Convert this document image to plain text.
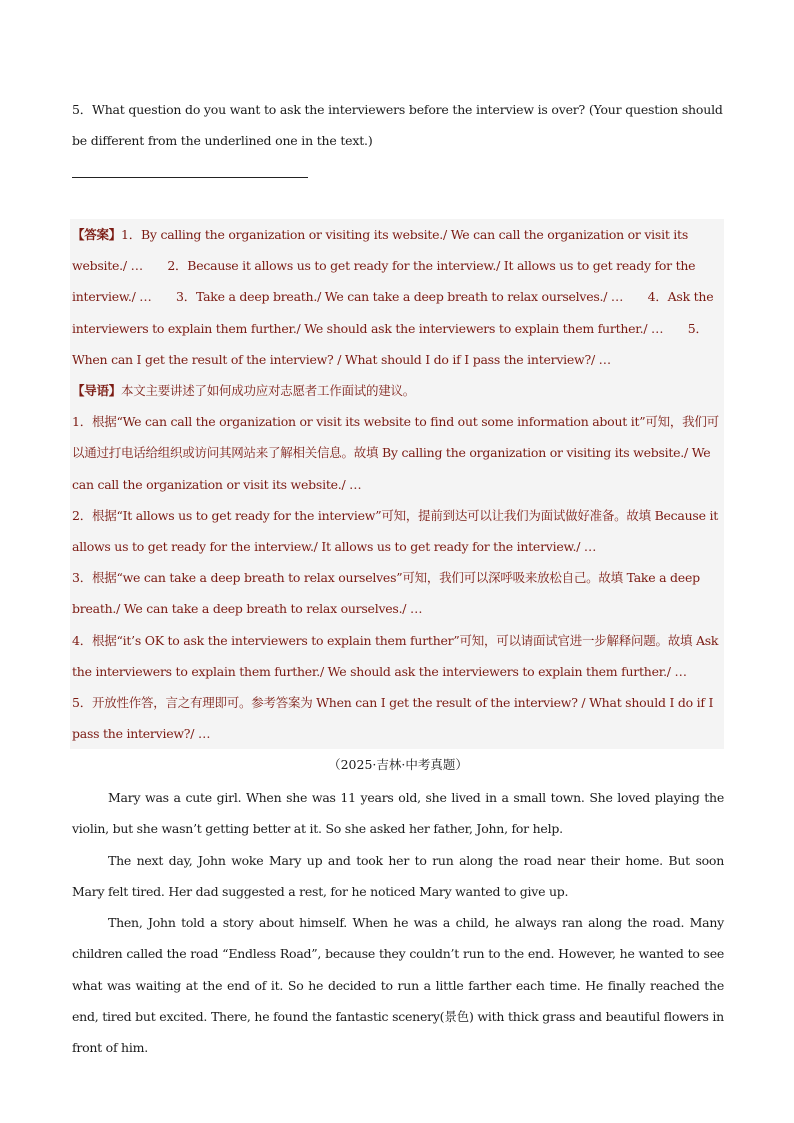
5．What question do you want to ask the interviewers before the interview is over? (Your question should be different from the underlined one in the text.)

【答案】1．By calling the organization or visiting its website./ We can call the organization or visit its website./ …　　2．Because it allows us to get ready for the interview./ It allows us to get ready for the interview./ …　　3．Take a deep breath./ We can take a deep breath to relax ourselves./ …　　4．Ask the interviewers to explain them further./ We should ask the interviewers to explain them further./ …　　5．When can I get the result of the interview? / What should I do if I pass the interview?/ …

【导语】本文主要讲述了如何成功应对志愿者工作面试的建议。

1．根据“We can call the organization or visit its website to find out some information about it”可知，我们可以通过打电话给组织或访问其网站来了解相关信息。故填 By calling the organization or visiting its website./ We can call the organization or visit its website./ …

2．根据“It allows us to get ready for the interview”可知，提前到达可以让我们为面试做好准备。故填 Because it allows us to get ready for the interview./ It allows us to get ready for the interview./ …

3．根据“we can take a deep breath to relax ourselves”可知，我们可以深呼吸来放松自己。故填 Take a deep breath./ We can take a deep breath to relax ourselves./ …

4．根据“it’s OK to ask the interviewers to explain them further”可知，可以请面试官进一步解释问题。故填 Ask the interviewers to explain them further./ We should ask the interviewers to explain them further./ …

5．开放性作答，言之有理即可。参考答案为 When can I get the result of the interview? / What should I do if I pass the interview?/ …

（2025·吉林·中考真题）

Mary was a cute girl. When she was 11 years old, she lived in a small town. She loved playing the violin, but she wasn’t getting better at it. So she asked her father, John, for help.

The next day, John woke Mary up and took her to run along the road near their home. But soon Mary felt tired. Her dad suggested a rest, for he noticed Mary wanted to give up.

Then, John told a story about himself. When he was a child, he always ran along the road. Many children called the road “Endless Road”, because they couldn’t run to the end. However, he wanted to see what was waiting at the end of it. So he decided to run a little farther each time. He finally reached the end, tired but excited. There, he found the fantastic scenery(景色) with thick grass and beautiful flowers in front of him.
